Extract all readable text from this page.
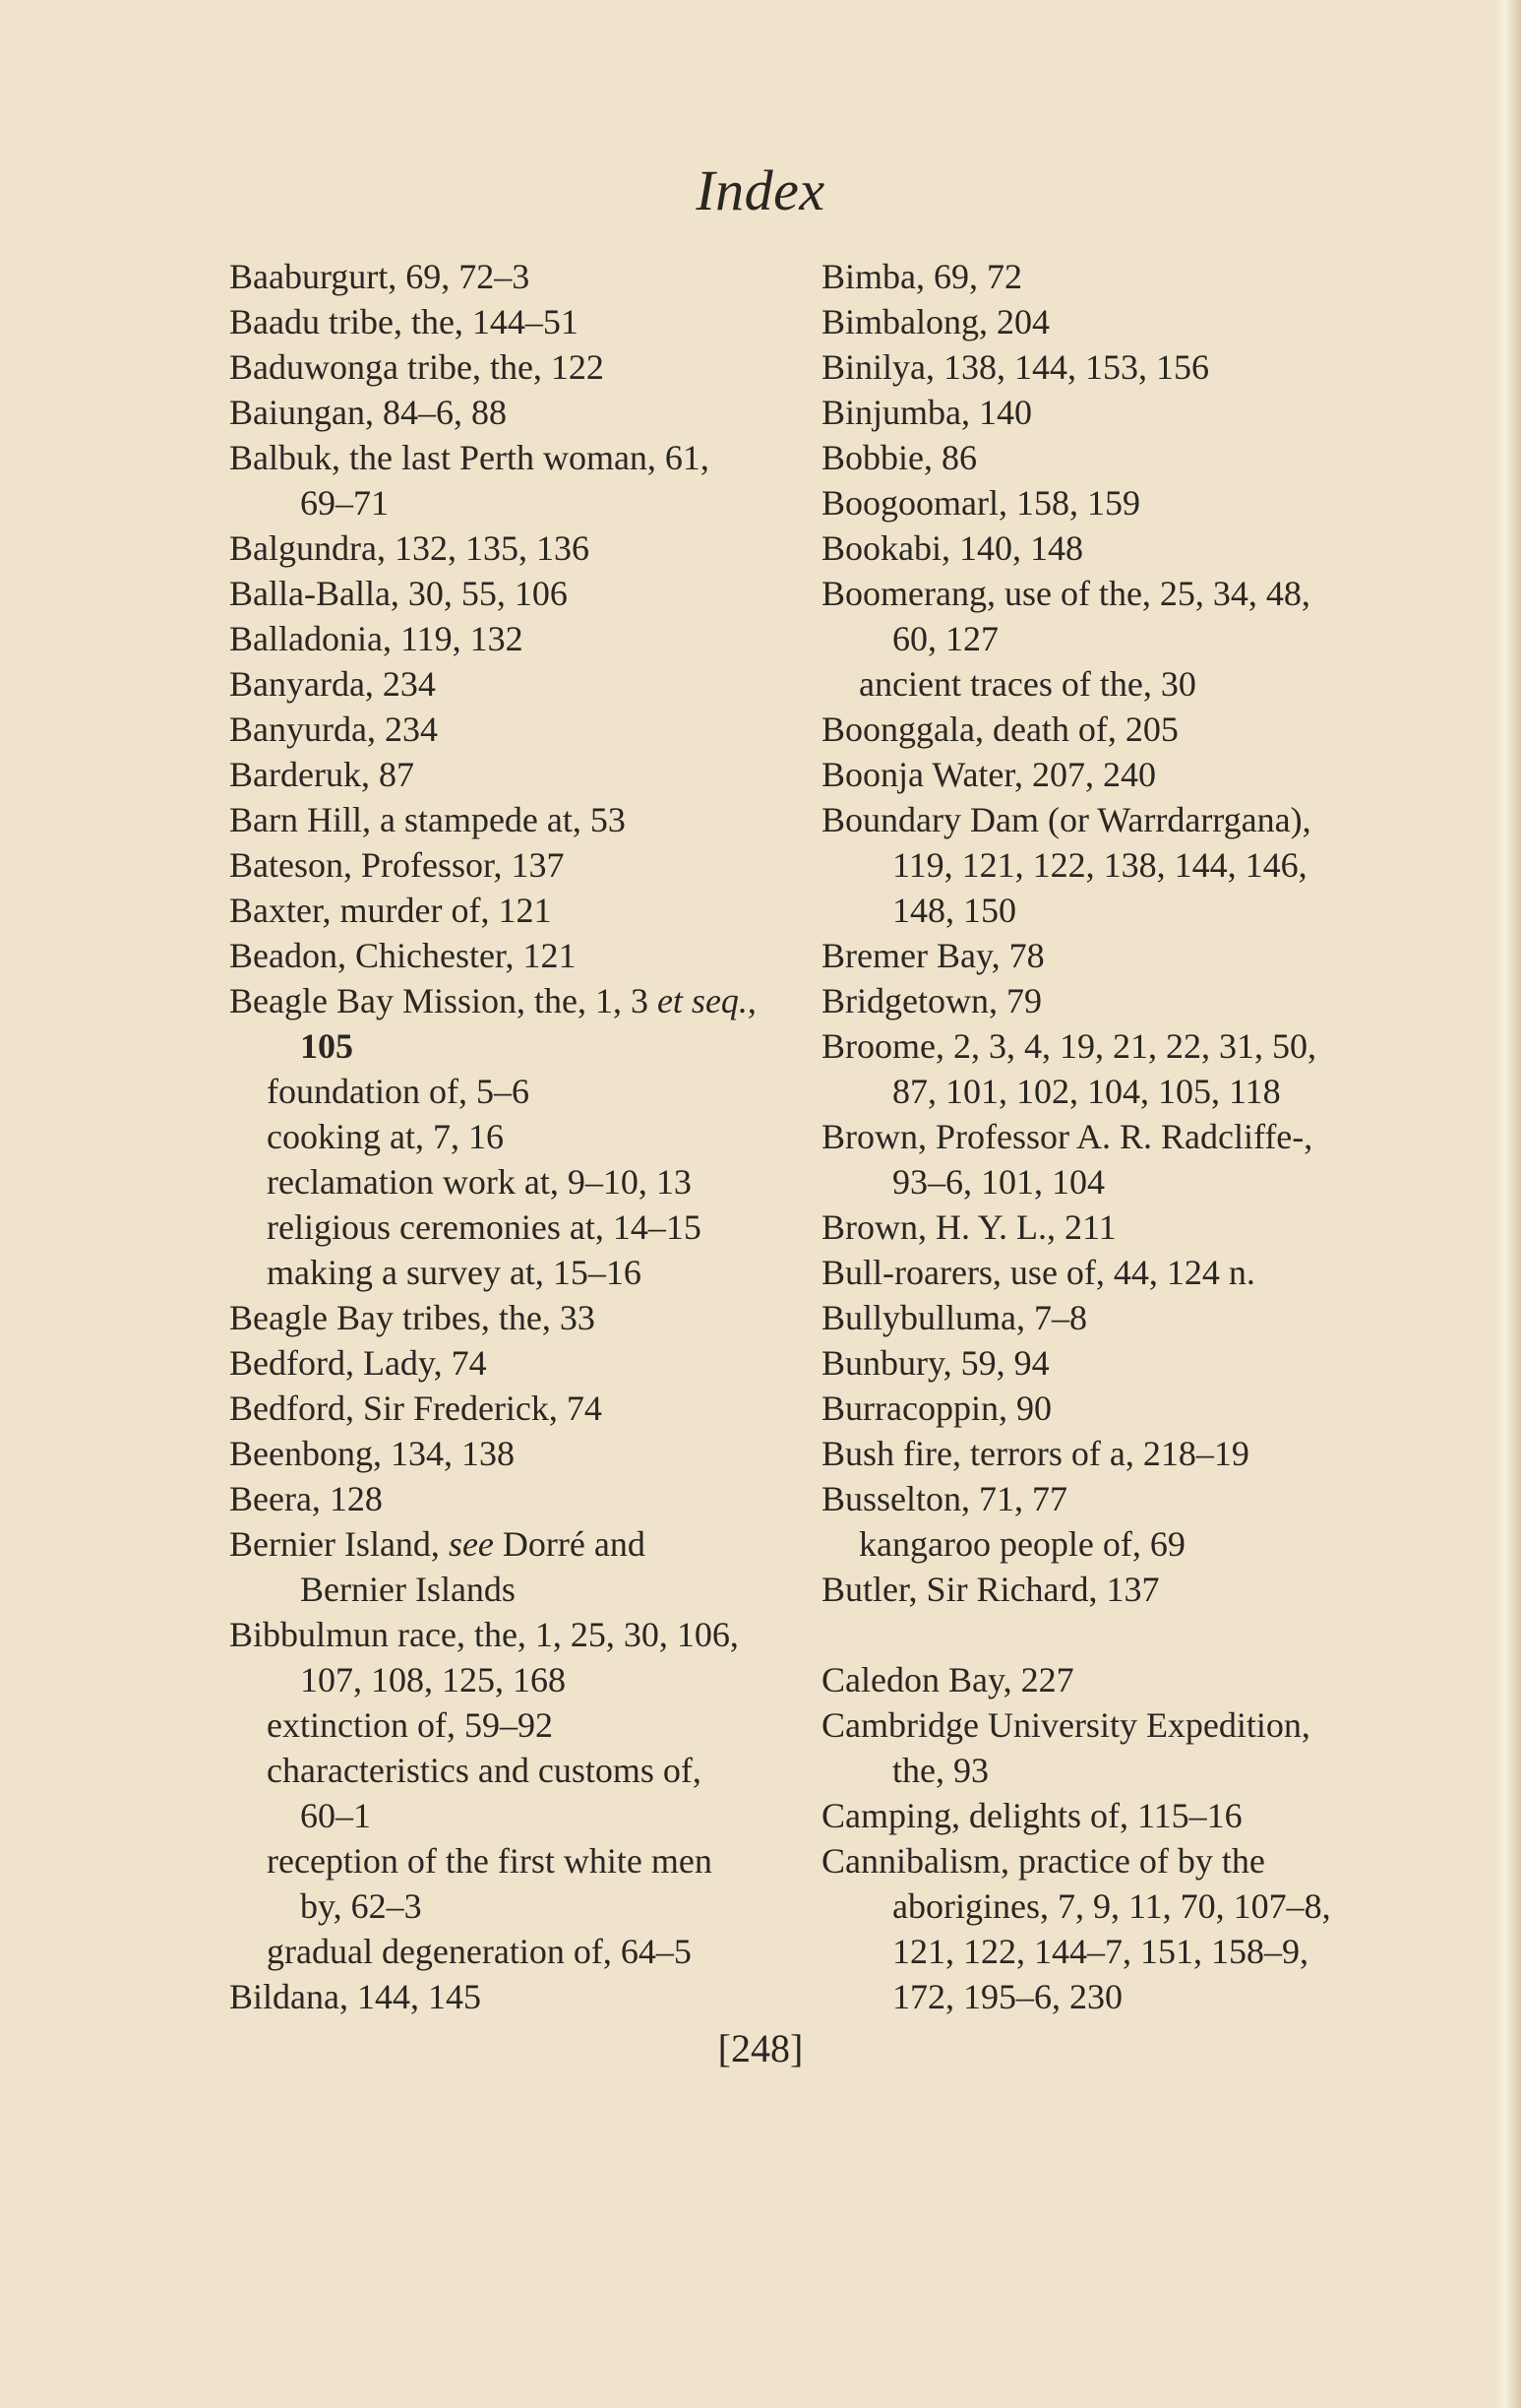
Index
Baaburgurt, 69, 72–3
Baadu tribe, the, 144–51
Baduwonga tribe, the, 122
Baiungan, 84–6, 88
Balbuk, the last Perth woman, 61,
69–71
Balgundra, 132, 135, 136
Balla-Balla, 30, 55, 106
Balladonia, 119, 132
Banyarda, 234
Banyurda, 234
Barderuk, 87
Barn Hill, a stampede at, 53
Bateson, Professor, 137
Baxter, murder of, 121
Beadon, Chichester, 121
Beagle Bay Mission, the, 1, 3 et seq.,
105
foundation of, 5–6
cooking at, 7, 16
reclamation work at, 9–10, 13
religious ceremonies at, 14–15
making a survey at, 15–16
Beagle Bay tribes, the, 33
Bedford, Lady, 74
Bedford, Sir Frederick, 74
Beenbong, 134, 138
Beera, 128
Bernier Island, see Dorré and
Bernier Islands
Bibbulmun race, the, 1, 25, 30, 106,
107, 108, 125, 168
extinction of, 59–92
characteristics and customs of,
60–1
reception of the first white men
by, 62–3
gradual degeneration of, 64–5
Bildana, 144, 145
Bimba, 69, 72
Bimbalong, 204
Binilya, 138, 144, 153, 156
Binjumba, 140
Bobbie, 86
Boogoomarl, 158, 159
Bookabi, 140, 148
Boomerang, use of the, 25, 34, 48,
60, 127
ancient traces of the, 30
Boonggala, death of, 205
Boonja Water, 207, 240
Boundary Dam (or Warrdarrgana),
119, 121, 122, 138, 144, 146,
148, 150
Bremer Bay, 78
Bridgetown, 79
Broome, 2, 3, 4, 19, 21, 22, 31, 50,
87, 101, 102, 104, 105, 118
Brown, Professor A. R. Radcliffe-,
93–6, 101, 104
Brown, H. Y. L., 211
Bull-roarers, use of, 44, 124 n.
Bullybulluma, 7–8
Bunbury, 59, 94
Burracoppin, 90
Bush fire, terrors of a, 218–19
Busselton, 71, 77
kangaroo people of, 69
Butler, Sir Richard, 137
Caledon Bay, 227
Cambridge University Expedition,
the, 93
Camping, delights of, 115–16
Cannibalism, practice of by the
aborigines, 7, 9, 11, 70, 107–8,
121, 122, 144–7, 151, 158–9,
172, 195–6, 230
[248]
